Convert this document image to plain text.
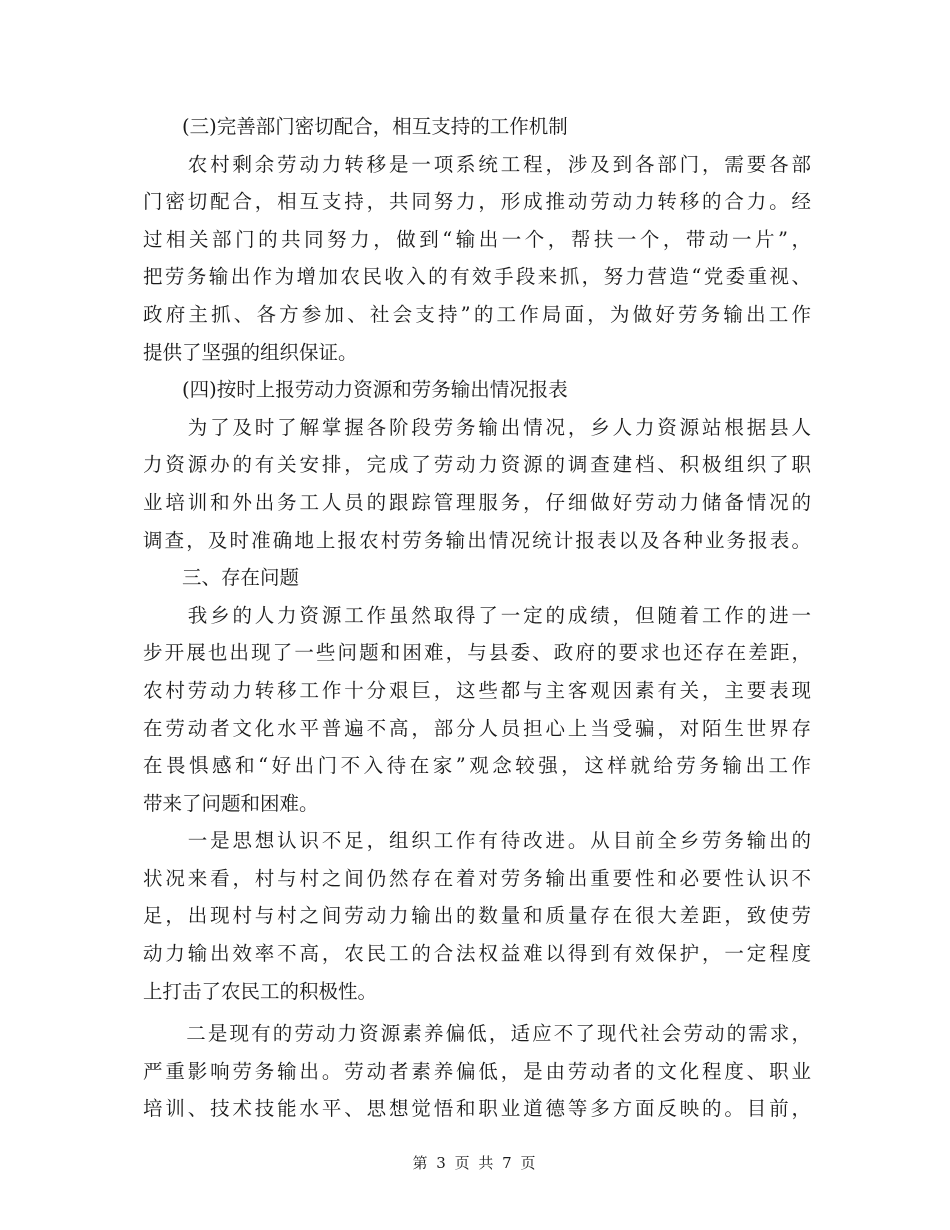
　　(三)完善部门密切配合，相互支持的工作机制
　　农村剩余劳动力转移是一项系统工程，涉及到各部门，需要各部
门密切配合，相互支持，共同努力，形成推动劳动力转移的合力。经
过相关部门的共同努力，做到“输出一个，帮扶一个，带动一片”，
把劳务输出作为增加农民收入的有效手段来抓，努力营造“党委重视、
政府主抓、各方参加、社会支持”的工作局面，为做好劳务输出工作
提供了坚强的组织保证。
　　(四)按时上报劳动力资源和劳务输出情况报表
　　为了及时了解掌握各阶段劳务输出情况，乡人力资源站根据县人
力资源办的有关安排，完成了劳动力资源的调查建档、积极组织了职
业培训和外出务工人员的跟踪管理服务，仔细做好劳动力储备情况的
调查，及时准确地上报农村劳务输出情况统计报表以及各种业务报表。
　　三、存在问题
　　我乡的人力资源工作虽然取得了一定的成绩，但随着工作的进一
步开展也出现了一些问题和困难，与县委、政府的要求也还存在差距，
农村劳动力转移工作十分艰巨，这些都与主客观因素有关，主要表现
在劳动者文化水平普遍不高，部分人员担心上当受骗，对陌生世界存
在畏惧感和“好出门不入待在家”观念较强，这样就给劳务输出工作
带来了问题和困难。
　　一是思想认识不足，组织工作有待改进。从目前全乡劳务输出的
状况来看，村与村之间仍然存在着对劳务输出重要性和必要性认识不
足，出现村与村之间劳动力输出的数量和质量存在很大差距，致使劳
动力输出效率不高，农民工的合法权益难以得到有效保护，一定程度
上打击了农民工的积极性。
　　二是现有的劳动力资源素养偏低，适应不了现代社会劳动的需求，
严重影响劳务输出。劳动者素养偏低，是由劳动者的文化程度、职业
培训、技术技能水平、思想觉悟和职业道德等多方面反映的。目前，
第 3 页 共 7 页
